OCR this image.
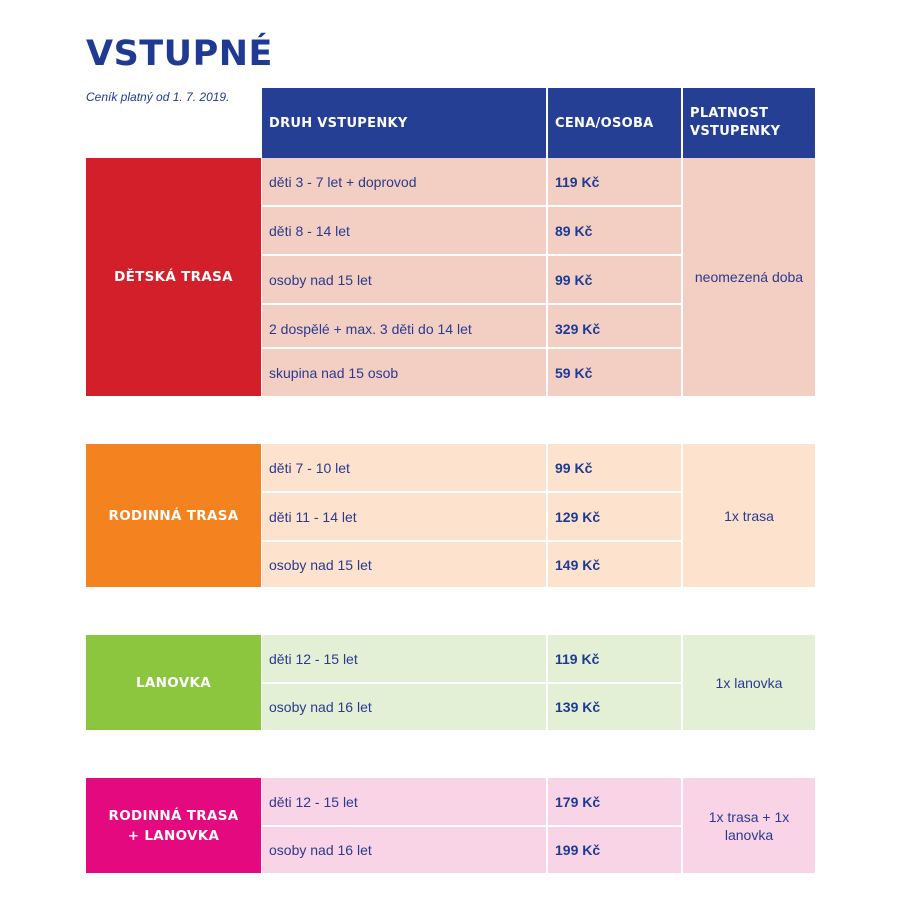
VSTUPNÉ
Ceník platný od 1. 7. 2019.
DRUH VSTUPENKY	CENA/OSOBA
PLATNOST
VSTUPENKY
DĚTSKÁ TRASA
děti 3 - 7 let + doprovod	119 Kč
děti 8 - 14 let	89 Kč
osoby nad 15 let	99 Kč
2 dospělé + max. 3 děti do 14 let	329 Kč
skupina nad 15 osob	59 Kč
neomezená doba
RODINNÁ TRASA
děti 7 - 10 let	99 Kč
děti 11 - 14 let	129 Kč
osoby nad 15 let	149 Kč
1x trasa
LANOVKA
děti 12 - 15 let	119 Kč
osoby nad 16 let	139 Kč
1x lanovka
RODINNÁ TRASA
+ LANOVKA
děti 12 - 15 let	179 Kč
osoby nad 16 let	199 Kč
1x trasa + 1x
lanovka
